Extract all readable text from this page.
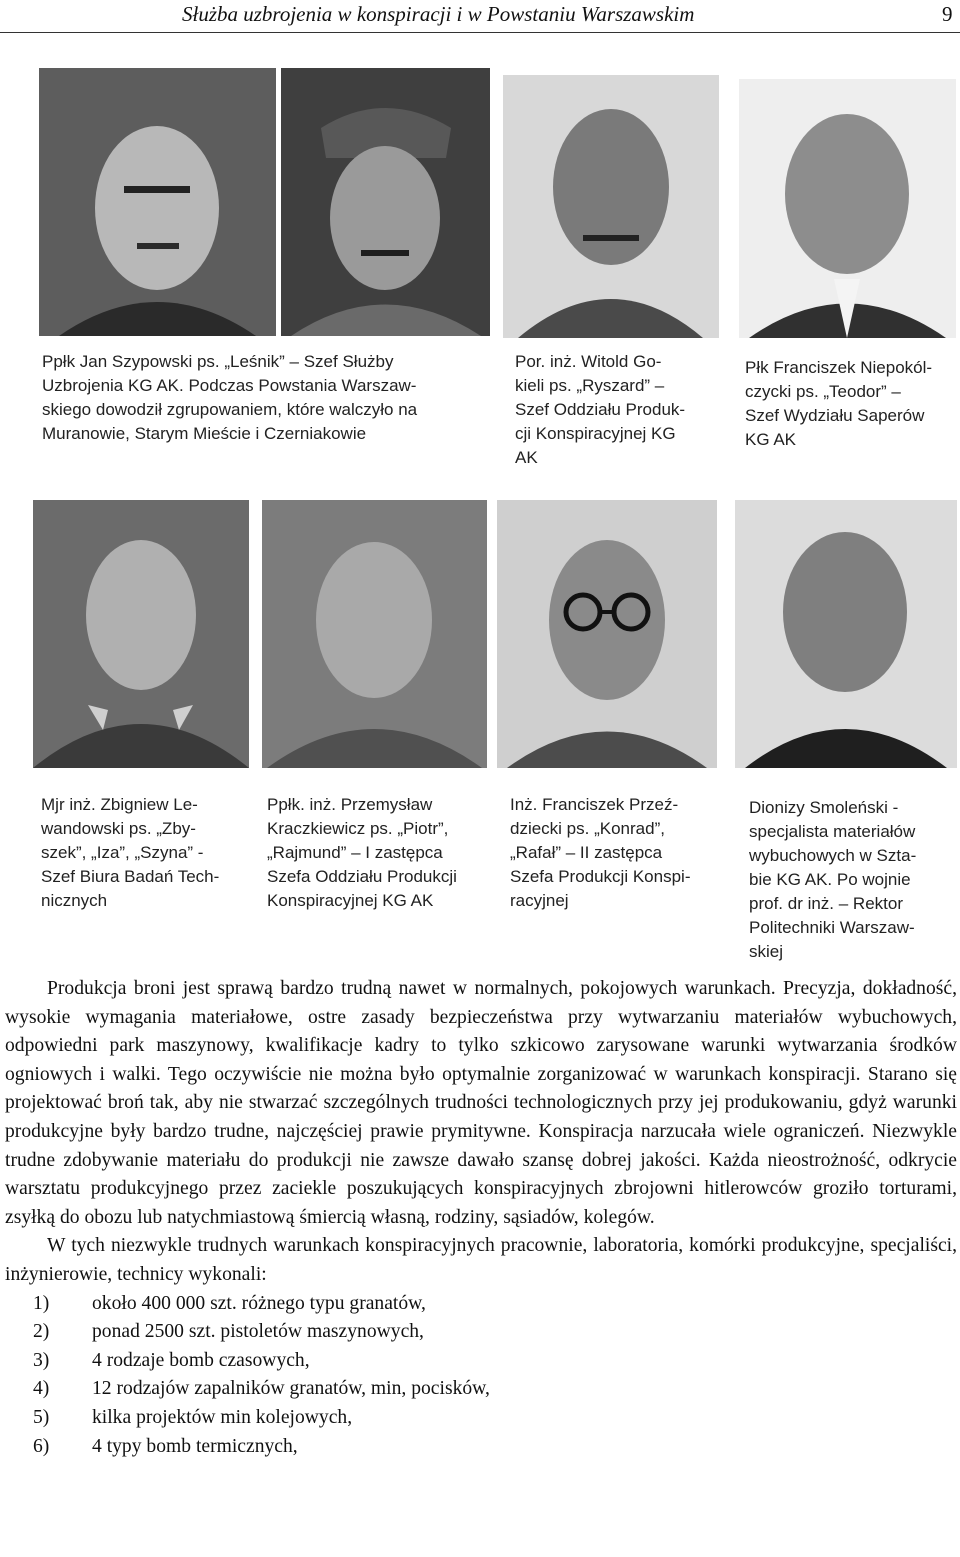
Służba uzbrojenia w konspiracji i w Powstaniu Warszawskim	9
Ppłk Jan Szypowski ps. „Leśnik” – Szef Służby
Uzbrojenia KG AK. Podczas Powstania Warszaw-
skiego dowodził zgrupowaniem, które walczyło na
Muranowie, Starym Mieście i Czerniakowie
Por. inż. Witold Go-
kieli ps. „Ryszard” –
Szef Oddziału Produk-
cji Konspiracyjnej KG
AK
Płk Franciszek Niepokól-
czycki ps. „Teodor” –
Szef Wydziału Saperów
KG AK
Mjr inż. Zbigniew Le-
wandowski ps. „Zby-
szek”, „Iza”, „Szyna” -
Szef Biura Badań Tech-
nicznych
Ppłk. inż. Przemysław
Kraczkiewicz ps. „Piotr”,
„Rajmund” – I zastępca
Szefa Oddziału Produkcji
Konspiracyjnej KG AK
Inż. Franciszek Przeź-
dziecki ps. „Konrad”,
„Rafał” – II zastępca
Szefa Produkcji Konspi-
racyjnej
Dionizy Smoleński -
specjalista materiałów
wybuchowych w Szta-
bie KG AK. Po wojnie
prof. dr inż. – Rektor
Politechniki Warszaw-
skiej

Produkcja broni jest sprawą bardzo trudną nawet w normalnych, pokojowych warunkach. Precyzja, dokładność, wysokie wymagania materiałowe, ostre zasady bezpieczeństwa przy wytwarzaniu materiałów wybuchowych, odpowiedni park maszynowy, kwalifikacje kadry to tylko szkicowo zarysowane warunki wytwarzania środków ogniowych i walki. Tego oczywiście nie można było optymalnie zorganizować w warunkach konspiracji. Starano się projektować broń tak, aby nie stwarzać szczególnych trudności technologicznych przy jej produkowaniu, gdyż warunki produkcyjne były bardzo trudne, najczęściej prawie prymitywne. Konspiracja narzucała wiele ograniczeń. Niezwykle trudne zdobywanie materiału do produkcji nie zawsze dawało szansę dobrej jakości. Każda nieostrożność, odkrycie warsztatu produkcyjnego przez zaciekle poszukujących konspiracyjnych zbrojowni hitlerowców groziło torturami, zsyłką do obozu lub natychmiastową śmiercią własną, rodziny, sąsiadów, kolegów.

W tych niezwykle trudnych warunkach konspiracyjnych pracownie, laboratoria, komórki produkcyjne, specjaliści, inżynierowie, technicy wykonali:

1) około 400 000 szt. różnego typu granatów,
2) ponad 2500 szt. pistoletów maszynowych,
3) 4 rodzaje bomb czasowych,
4) 12 rodzajów zapalników granatów, min, pocisków,
5) kilka projektów min kolejowych,
6) 4 typy bomb termicznych,
